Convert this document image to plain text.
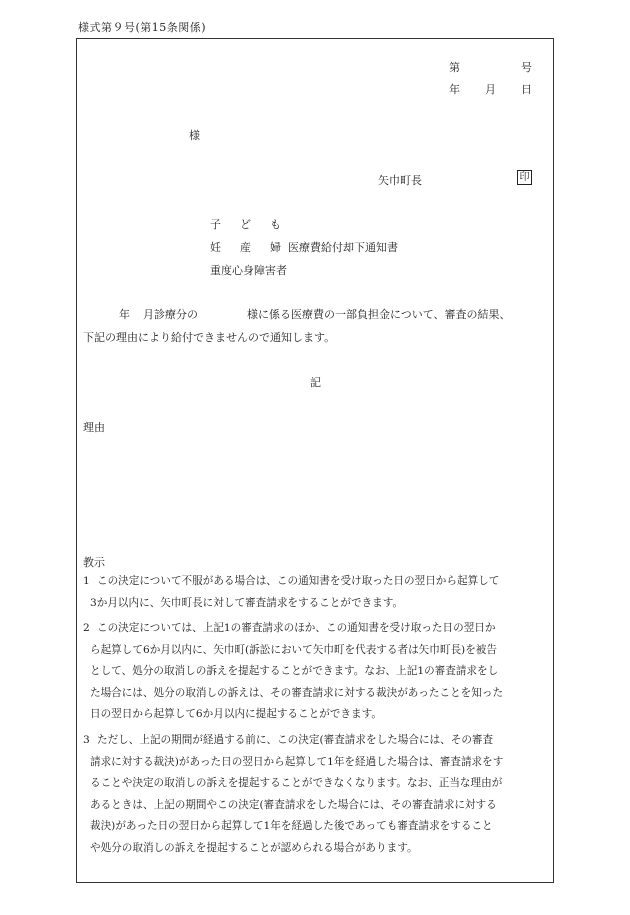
様式第９号(第15条関係)
第	号
年 月 日
様
矢巾町長	印
子 ど も
妊 産 婦 医療費給付却下通知書
重度心身障害者
年 月診療分の	様に係る医療費の一部負担金について、審査の結果、
下記の理由により給付できませんので通知します。
記
理由
教示
1 この決定について不服がある場合は、この通知書を受け取った日の翌日から起算して
3か月以内に、矢巾町長に対して審査請求をすることができます。
2 この決定については、上記1の審査請求のほか、この通知書を受け取った日の翌日か
ら起算して6か月以内に、矢巾町(訴訟において矢巾町を代表する者は矢巾町長)を被告
として、処分の取消しの訴えを提起することができます。なお、上記1の審査請求をし
た場合には、処分の取消しの訴えは、その審査請求に対する裁決があったことを知った
日の翌日から起算して6か月以内に提起することができます。
3 ただし、上記の期間が経過する前に、この決定(審査請求をした場合には、その審査
請求に対する裁決)があった日の翌日から起算して1年を経過した場合は、審査請求をす
ることや決定の取消しの訴えを提起することができなくなります。なお、正当な理由が
あるときは、上記の期間やこの決定(審査請求をした場合には、その審査請求に対する
裁決)があった日の翌日から起算して1年を経過した後であっても審査請求をすること
や処分の取消しの訴えを提起することが認められる場合があります。
